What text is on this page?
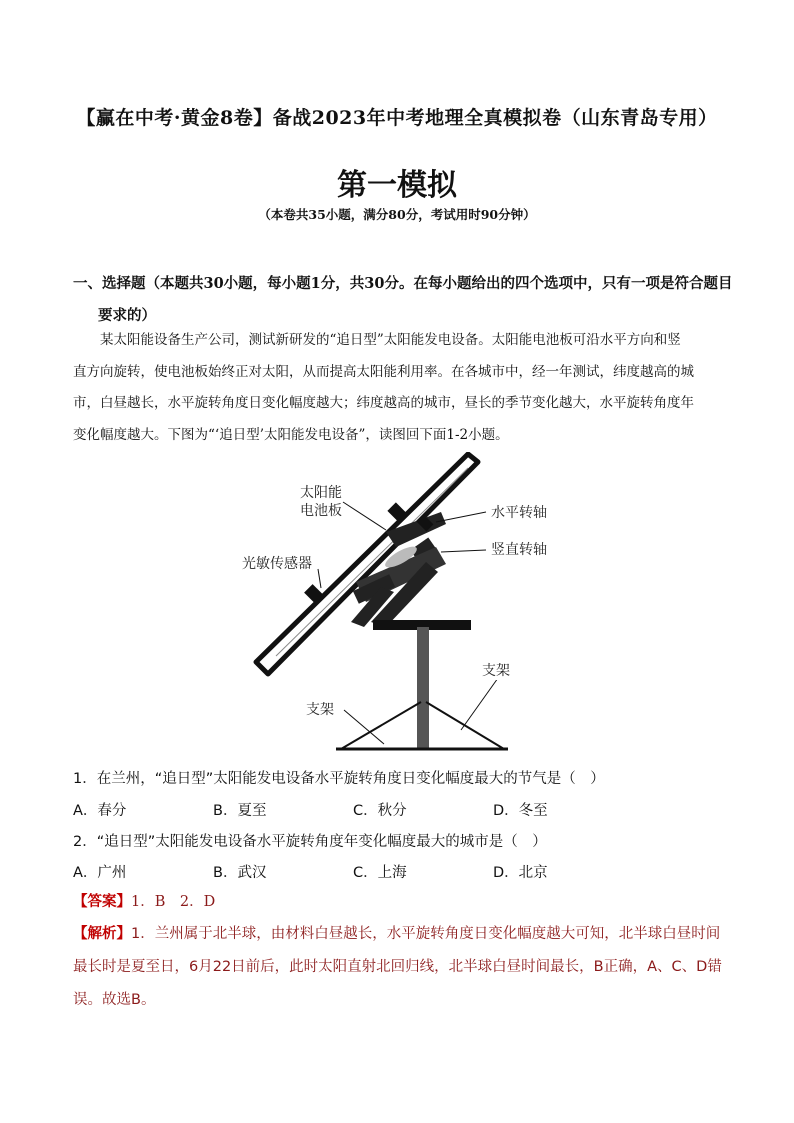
【赢在中考·黄金8卷】备战2023年中考地理全真模拟卷（山东青岛专用）
第一模拟
（本卷共35小题，满分80分，考试用时90分钟）
一、选择题（本题共30小题，每小题1分，共30分。在每小题给出的四个选项中，只有一项是符合题目
要求的）
某太阳能设备生产公司，测试新研发的“追日型”太阳能发电设备。太阳能电池板可沿水平方向和竖
直方向旋转，使电池板始终正对太阳，从而提高太阳能利用率。在各城市中，经一年测试，纬度越高的城
市，白昼越长，水平旋转角度日变化幅度越大；纬度越高的城市，昼长的季节变化越大，水平旋转角度年
变化幅度越大。下图为“‘追日型’太阳能发电设备”，读图回下面1-2小题。
太阳能
电池板	水平转轴
竖直转轴
光敏传感器
支架
支架
1．在兰州，“追日型”太阳能发电设备水平旋转角度日变化幅度最大的节气是（　）
A．春分	B．夏至	C．秋分	D．冬至
2．“追日型”太阳能发电设备水平旋转角度年变化幅度最大的城市是（　）
A．广州	B．武汉	C．上海	D．北京
【答案】1．B　2．D
【解析】1．兰州属于北半球，由材料白昼越长，水平旋转角度日变化幅度越大可知，北半球白昼时间最长时是夏至日，6月22日前后，此时太阳直射北回归线，北半球白昼时间最长，B正确，A、C、D错误。故选B。
